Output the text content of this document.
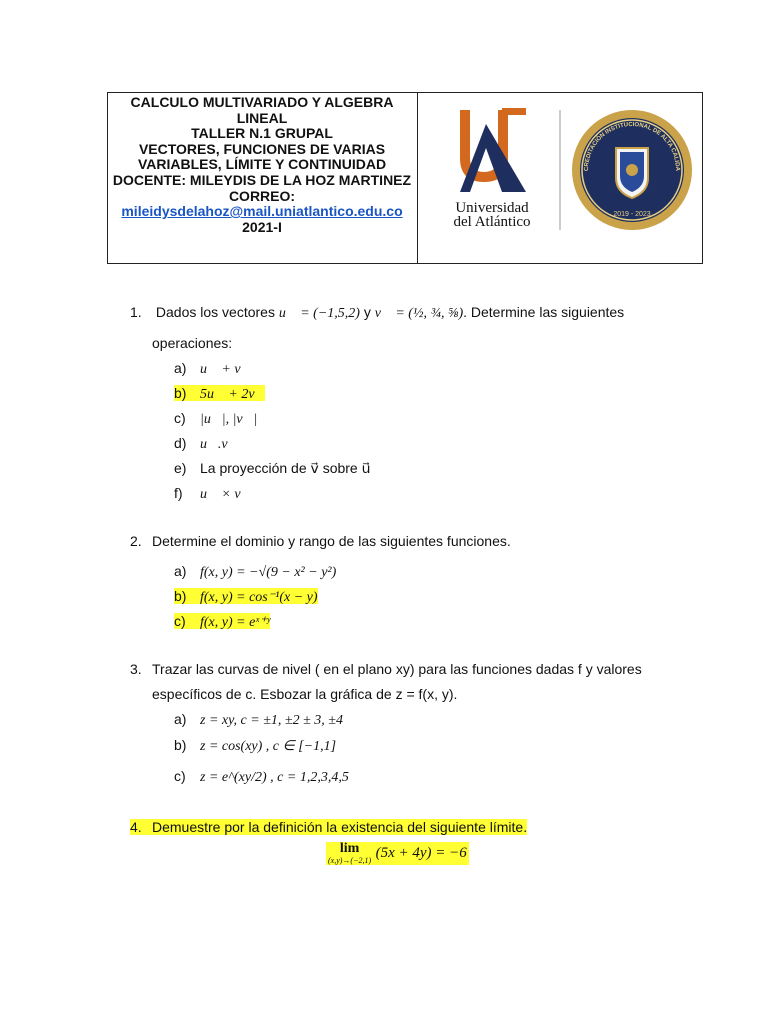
CALCULO MULTIVARIADO Y ALGEBRA
LINEAL
TALLER N.1 GRUPAL
VECTORES, FUNCIONES DE VARIAS
VARIABLES, LÍMITE Y CONTINUIDAD
DOCENTE: MILEYDIS DE LA HOZ MARTINEZ
CORREO:
mileidysdelahoz@mail.uniatlantico.edu.co
2021-I
Universidad
del Atlántico
CREDITACIÓN INSTITUCIONAL DE ALTA CALIDA
2019 - 2023
1. Dados los vectores u⃗ = (−1,5,2) y v⃗ = (½, ¾, ⅝). Determine las siguientes
operaciones:
a) u⃗ + v⃗
b) 5u⃗ + 2v⃗
c) |u⃗|, |v⃗|
d) u⃗.v⃗
e) La proyección de v⃗ sobre u⃗
f) u⃗ × v⃗
2. Determine el dominio y rango de las siguientes funciones.
a) f(x, y) = −√(9 − x² − y²)
b) f(x, y) = cos⁻¹(x − y)
c) f(x, y) = eˣ⁺ʸ
3. Trazar las curvas de nivel ( en el plano xy) para las funciones dadas f y valores
específicos de c. Esbozar la gráfica de z = f(x, y).
a) z = xy, c = ±1, ±2 ± 3, ±4
b) z = cos(xy) , c ∈ [−1,1]
c) z = e^(xy/2) , c = 1,2,3,4,5
4. Demuestre por la definición la existencia del siguiente límite.
lim
(x,y)→(−2,1) (5x + 4y) = −6
